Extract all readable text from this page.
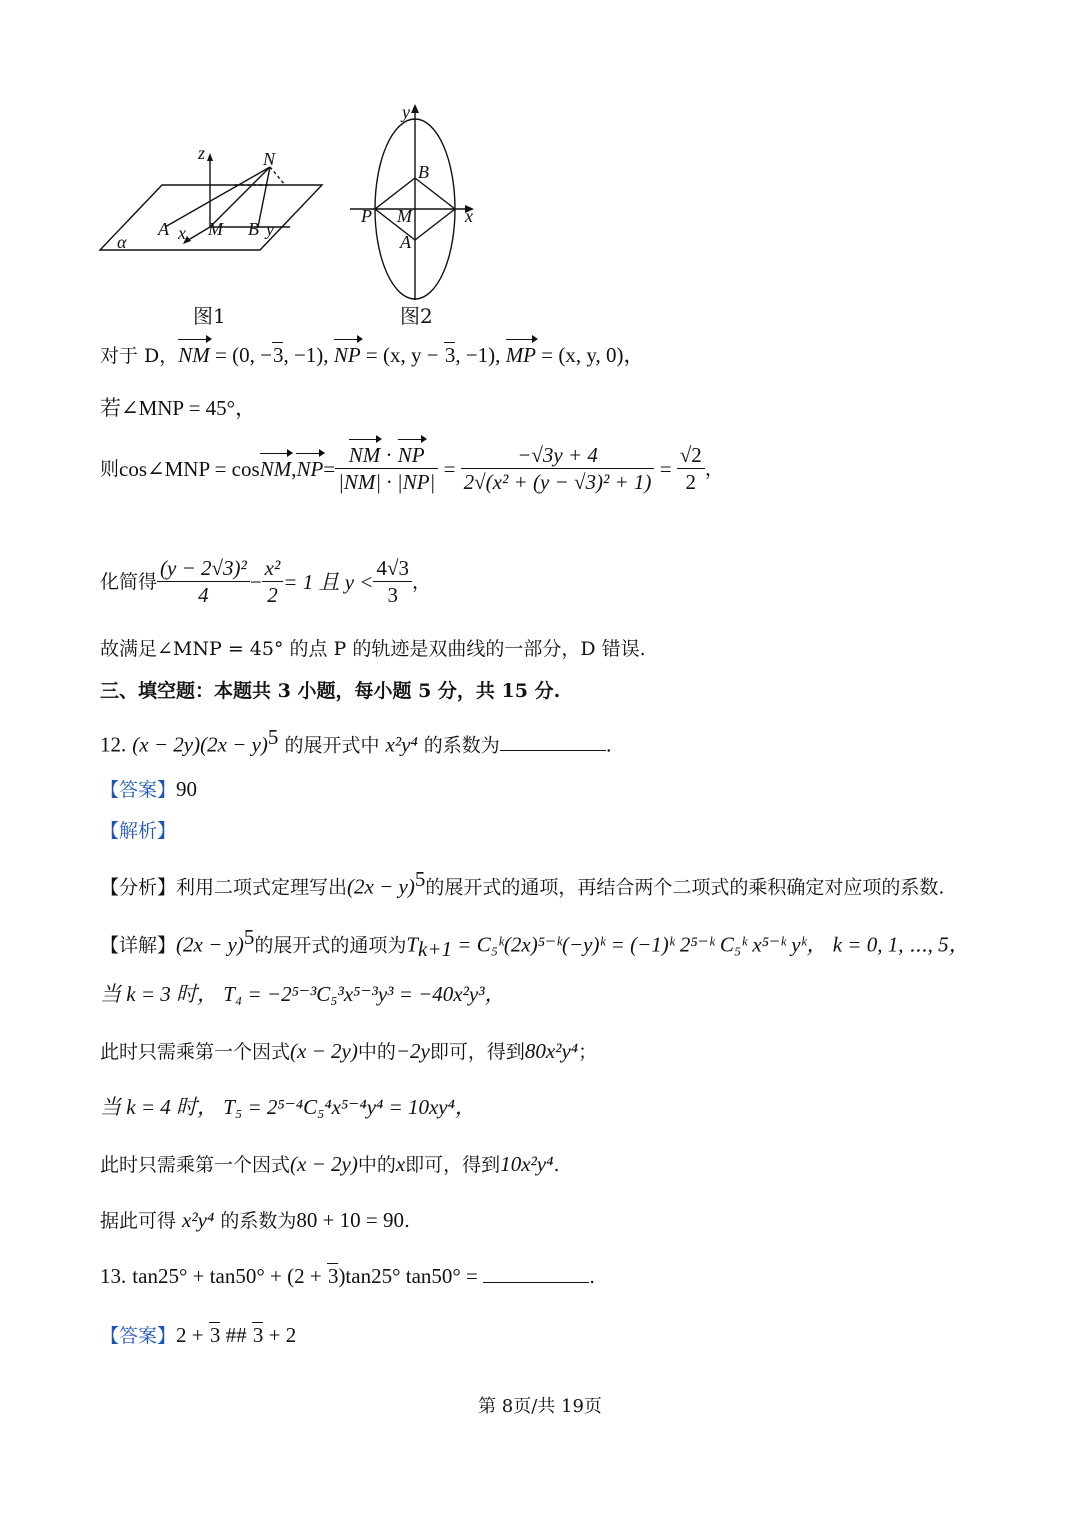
z	N
A x M B y
α
图1
y
B
P M
A
x
图2
对于 D，NM = (0, −3, −1), NP = (x, y − 3, −1), MP = (x, y, 0)，
若∠MNP = 45°，
则 cos∠MNP = cos NM , NP = $\frac{NM \cdot NP}{|NM| \cdot |NP|} = \frac{-√3y + 4}{\text{2√(x² + (y − √3)² + 1)}} = \frac{√2}{2}$ ，
化简得 $\frac{\text{(y − 2√3)²}}{4} - \frac{\text{x²}}{2} = 1$ 且 $y < \frac{4√3}{3}$ ，
故满足∠MNP = 45° 的点 P 的轨迹是双曲线的一部分，D 错误.
三、填空题：本题共 3 小题，每小题 5 分，共 15 分.
12. $(x - 2y)(2x - y)^5$ 的展开式中 x²y⁴ 的系数为	.
【答案】90
【解析】
【分析】利用二项式定理写出$(2x - y)^5$的展开式的通项，再结合两个二项式的乘积确定对应项的系数.
【详解】$(2x - y)^5$的展开式的通项为$T_{k+1}$ = C₅ᵏ(2x)⁵⁻ᵏ(−y)ᵏ = (−1)ᵏ 2⁵⁻ᵏ C₅ᵏ x⁵⁻ᵏ yᵏ， k = 0, 1, ⋯, 5，
当 k = 3 时， T₄ = −2⁵⁻³C₅³x⁵⁻³y³ = −40x²y³，
此时只需乘第一个因式(x − 2y)中的−2y即可，得到80x²y⁴；
当 k = 4 时， T₅ = 2⁵⁻⁴C₅⁴x⁵⁻⁴y⁴ = 10xy⁴，
此时只需乘第一个因式(x − 2y)中的x即可，得到10x²y⁴.
据此可得 x²y⁴ 的系数为80 + 10 = 90.
13. tan25° + tan50° + (2 + 3)tan25° tan50° =	.
【答案】2 + 3 ## 3 + 2
第 8页/共 19页
